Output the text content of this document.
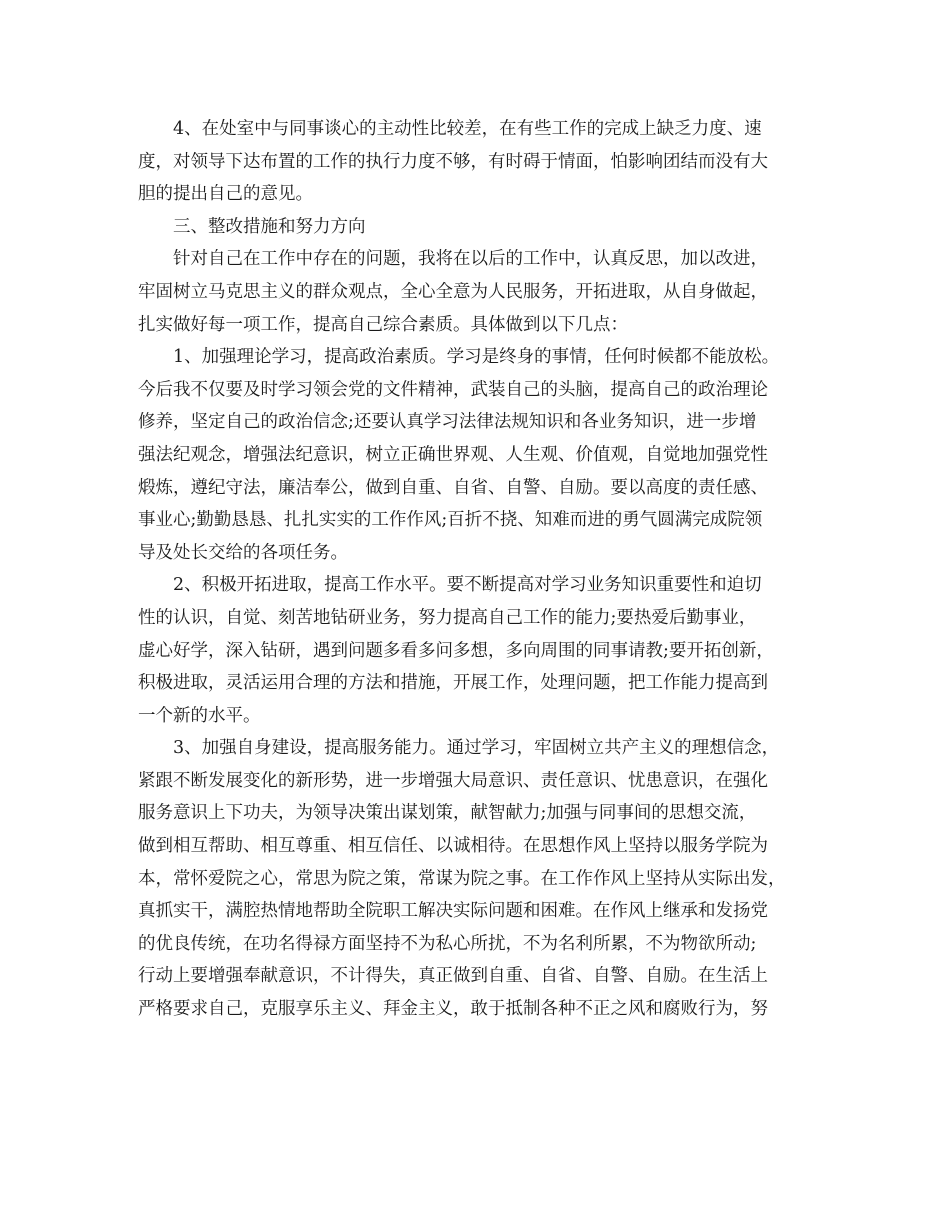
4、在处室中与同事谈心的主动性比较差，在有些工作的完成上缺乏力度、速
度，对领导下达布置的工作的执行力度不够，有时碍于情面，怕影响团结而没有大
胆的提出自己的意见。
三、整改措施和努力方向
针对自己在工作中存在的问题，我将在以后的工作中，认真反思，加以改进，
牢固树立马克思主义的群众观点，全心全意为人民服务，开拓进取，从自身做起，
扎实做好每一项工作，提高自己综合素质。具体做到以下几点：
1、加强理论学习，提高政治素质。学习是终身的事情，任何时候都不能放松。
今后我不仅要及时学习领会党的文件精神，武装自己的头脑，提高自己的政治理论
修养，坚定自己的政治信念;还要认真学习法律法规知识和各业务知识，进一步增
强法纪观念，增强法纪意识，树立正确世界观、人生观、价值观，自觉地加强党性
煅炼，遵纪守法，廉洁奉公，做到自重、自省、自警、自励。要以高度的责任感、
事业心;勤勤恳恳、扎扎实实的工作作风;百折不挠、知难而进的勇气圆满完成院领
导及处长交给的各项任务。
2、积极开拓进取，提高工作水平。要不断提高对学习业务知识重要性和迫切
性的认识，自觉、刻苦地钻研业务，努力提高自己工作的能力;要热爱后勤事业，
虚心好学，深入钻研，遇到问题多看多问多想，多向周围的同事请教;要开拓创新，
积极进取，灵活运用合理的方法和措施，开展工作，处理问题，把工作能力提高到
一个新的水平。
3、加强自身建设，提高服务能力。通过学习，牢固树立共产主义的理想信念，
紧跟不断发展变化的新形势，进一步增强大局意识、责任意识、忧患意识，在强化
服务意识上下功夫，为领导决策出谋划策，献智献力;加强与同事间的思想交流，
做到相互帮助、相互尊重、相互信任、以诚相待。在思想作风上坚持以服务学院为
本，常怀爱院之心，常思为院之策，常谋为院之事。在工作作风上坚持从实际出发，
真抓实干，满腔热情地帮助全院职工解决实际问题和困难。在作风上继承和发扬党
的优良传统，在功名得禄方面坚持不为私心所扰，不为名利所累，不为物欲所动;
行动上要增强奉献意识，不计得失，真正做到自重、自省、自警、自励。在生活上
严格要求自己，克服享乐主义、拜金主义，敢于抵制各种不正之风和腐败行为，努
